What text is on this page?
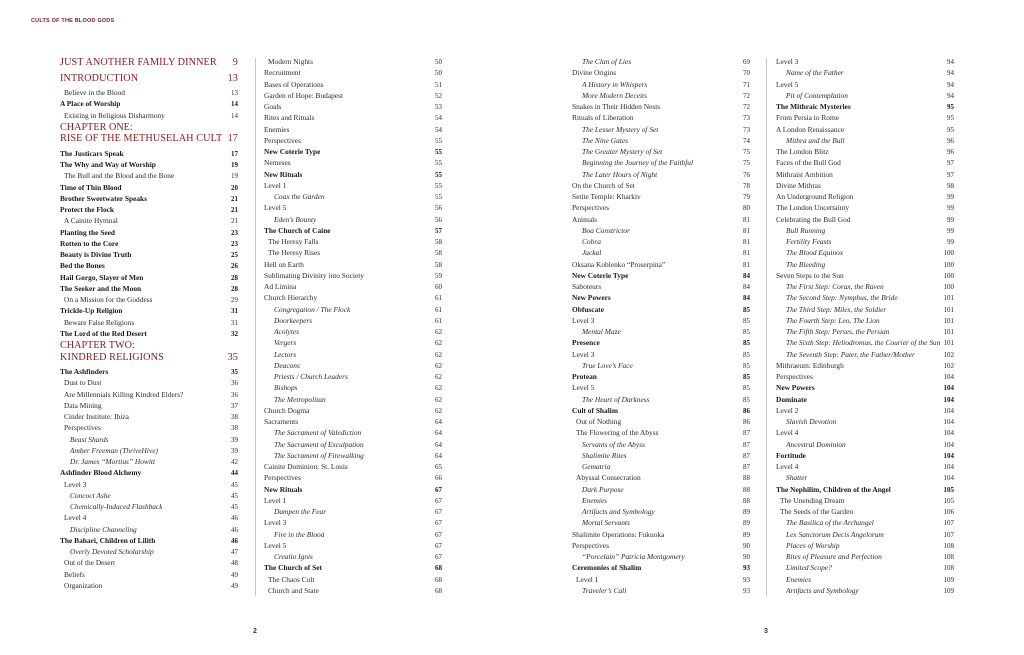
CULTS OF THE BLOOD GODS
JUST ANOTHER FAMILY DINNER 9
INTRODUCTION	13
Believe in the Blood	13
A Place of Worship	14
Existing in Religious Disharmony	14
CHAPTER ONE:
RISE OF THE METHUSELAH CULT 17
The Justicars Speak	17
The Why and Way of Worship	19
The Bull and the Blood and the Bone	19
Time of Thin Blood	20
Brother Sweetwater Speaks	21
Protect the Flock	21
A Cainite Hymnal	21
Planting the Seed	23
Rotten to the Core	23
Beauty is Divine Truth	25
Bed the Bones	26
Hail Gorgo, Slayer of Men	28
The Seeker and the Moon	28
On a Mission for the Goddess	29
Trickle-Up Religion	31
Beware False Religions	31
The Lord of the Red Desert	32
CHAPTER TWO:
KINDRED RELIGIONS	35
The Ashfinders	35
Dust to Dust	36
Are Millennials Killing Kindred Elders?	36
Data Mining	37
Cinder Institute: Ibiza	38
Perspectives	38
Beast Shards	39
Amber Freeman (ThriveHive)	39
Dr. James “Mortius” Howitt	42
Ashfinder Blood Alchemy	44
Level 3	45
Concoct Ashe	45
Chemically-Induced Flashback	45
Level 4	46
Discipline Channeling	46
The Bahari, Children of Lilith	46
Overly Devoted Scholarship	47
Out of the Desert	48
Beliefs	49
Organization	49
Modern Nights	50
Recruitment	50
Bases of Operations	51
Garden of Hope: Budapest	52
Goals	53
Rites and Rituals	54
Enemies	54
Perspectives	55
New Coterie Type	55
Nemeses	55
New Rituals	55
Level 1	55
Coax the Garden	55
Level 5	56
Eden’s Bounty	56
The Church of Caine	57
The Heresy Falls	58
The Heresy Rises	58
Hell on Earth	58
Sublimating Divinity into Society	59
Ad Limina	60
Church Hierarchy	61
Congregation / The Flock	61
Doorkeepers	61
Acolytes	62
Vergers	62
Lectors	62
Deacons	62
Priests / Church Leaders	62
Bishops	62
The Metropolitan	62
Church Dogma	62
Sacraments	64
The Sacrament of Valediction	64
The Sacrament of Exculpation	64
The Sacrament of Firewalking	64
Cainite Dominion: St. Louis	65
Perspectives	66
New Rituals	67
Level 1	67
Dampen the Fear	67
Level 3	67
Fire in the Blood	67
Level 5	67
Creatio Ignis	67
The Church of Set	68
The Chaos Cult	68
Church and State	68
The Clan of Lies	69
Divine Origins	70
A History in Whispers	71
More Modern Deceits	72
Snakes in Their Hidden Nests	72
Rituals of Liberation	73
The Lesser Mystery of Set	73
The Nine Gates	74
The Greater Mystery of Set	75
Beginning the Journey of the Faithful	75
The Later Hours of Night	76
On the Church of Set	78
Setite Temple: Kharkiv	79
Perspectives	80
Animals	81
Boa Constrictor	81
Cobra	81
Jackal	81
Oksana Koblenko “Proserpina”	81
New Coterie Type	84
Saboteurs	84
New Powers	84
Obfuscate	85
Level 3	85
Mental Maze	85
Presence	85
Level 3	85
True Love’s Face	85
Protean	85
Level 5	85
The Heart of Darkness	85
Cult of Shalim	86
Out of Nothing	86
The Flowering of the Abyss	87
Servants of the Abyss	87
Shalimite Rites	87
Gematria	87
Abyssal Consecration	88
Dark Purpose	88
Enemies	88
Artifacts and Symbology	89
Mortal Servants	89
Shalimite Operations: Fukuoka	89
Perspectives	90
“Porcelain” Patricia Montgomery	90
Ceremonies of Shalim	93
Level 1	93
Traveler’s Call	93
Level 3	94
Name of the Father	94
Level 5	94
Pit of Contemplation	94
The Mithraic Mysteries	95
From Persia to Rome	95
A London Renaissance	95
Mithra and the Bull	96
The London Blitz	96
Faces of the Bull God	97
Mithraist Ambition	97
Divine Mithras	98
An Underground Religion	99
The London Uncertainty	99
Celebrating the Bull God	99
Bull Running	99
Fertility Feasts	99
The Blood Equinox	100
The Bleeding	100
Seven Steps to the Sun	100
The First Step: Corax, the Raven	100
The Second Step: Nymphus, the Bride	101
The Third Step: Miles, the Soldier	101
The Fourth Step: Leo, The Lion	101
The Fifth Step: Perses, the Persian	101
The Sixth Step: Heliodromus, the Courier of the Sun 101
The Seventh Step: Pater, the Father/Mother	102
Mithraeum: Edinburgh	102
Perspectives	104
New Powers	104
Dominate	104
Level 2	104
Slavish Devotion	104
Level 4	104
Ancestral Dominion	104
Fortitude	104
Level 4	104
Shatter	104
The Nephilim, Children of the Angel	105
The Unending Dream	105
The Seeds of the Garden	106
The Basilica of the Archangel	107
Lex Sanctorum Decis Angelorum	107
Places of Worship	108
Rites of Pleasure and Perfection	108
Limited Scope?	108
Enemies	109
Artifacts and Symbology	109
2	3
